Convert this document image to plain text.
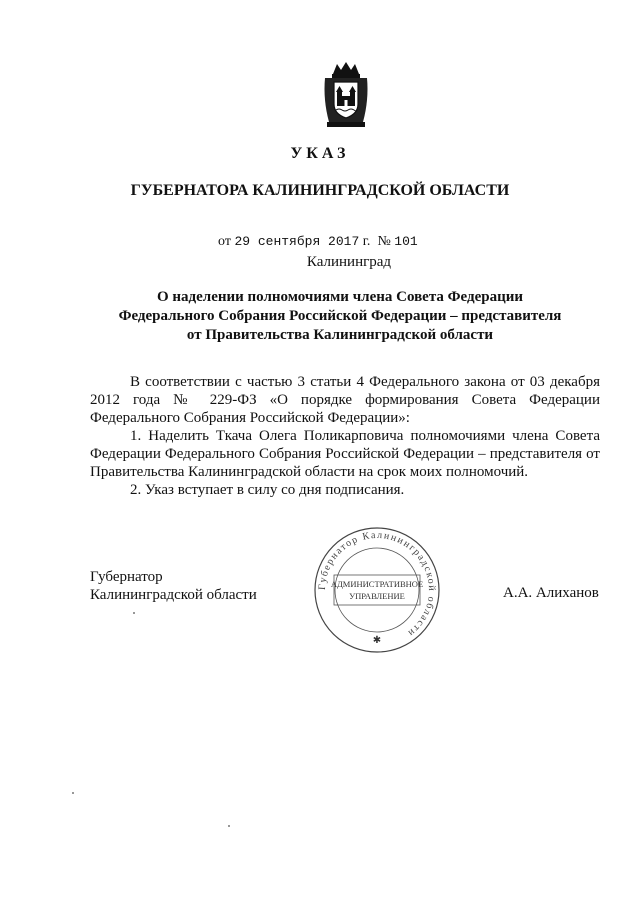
УКАЗ
ГУБЕРНАТОРА КАЛИНИНГРАДСКОЙ ОБЛАСТИ
от 29 сентября 2017 г. № 101
Калининград
О наделении полномочиями члена Совета Федерации
Федерального Собрания Российской Федерации – представителя
от Правительства Калининградской области

В соответствии с частью 3 статьи 4 Федерального закона от 03 декабря 2012 года № 229-ФЗ «О порядке формирования Совета Федерации Федерального Собрания Российской Федерации»:

1. Наделить Ткача Олега Поликарповича полномочиями члена Совета Федерации Федерального Собрания Российской Федерации – представителя от Правительства Калининградской области на срок моих полномочий.

2. Указ вступает в силу со дня подписания.

Губернатор
Калининградской области	А.А. Алиханов
Губернатор Калининградской области
АДМИНИСТРАТИВНОЕ
УПРАВЛЕНИЕ
✱
